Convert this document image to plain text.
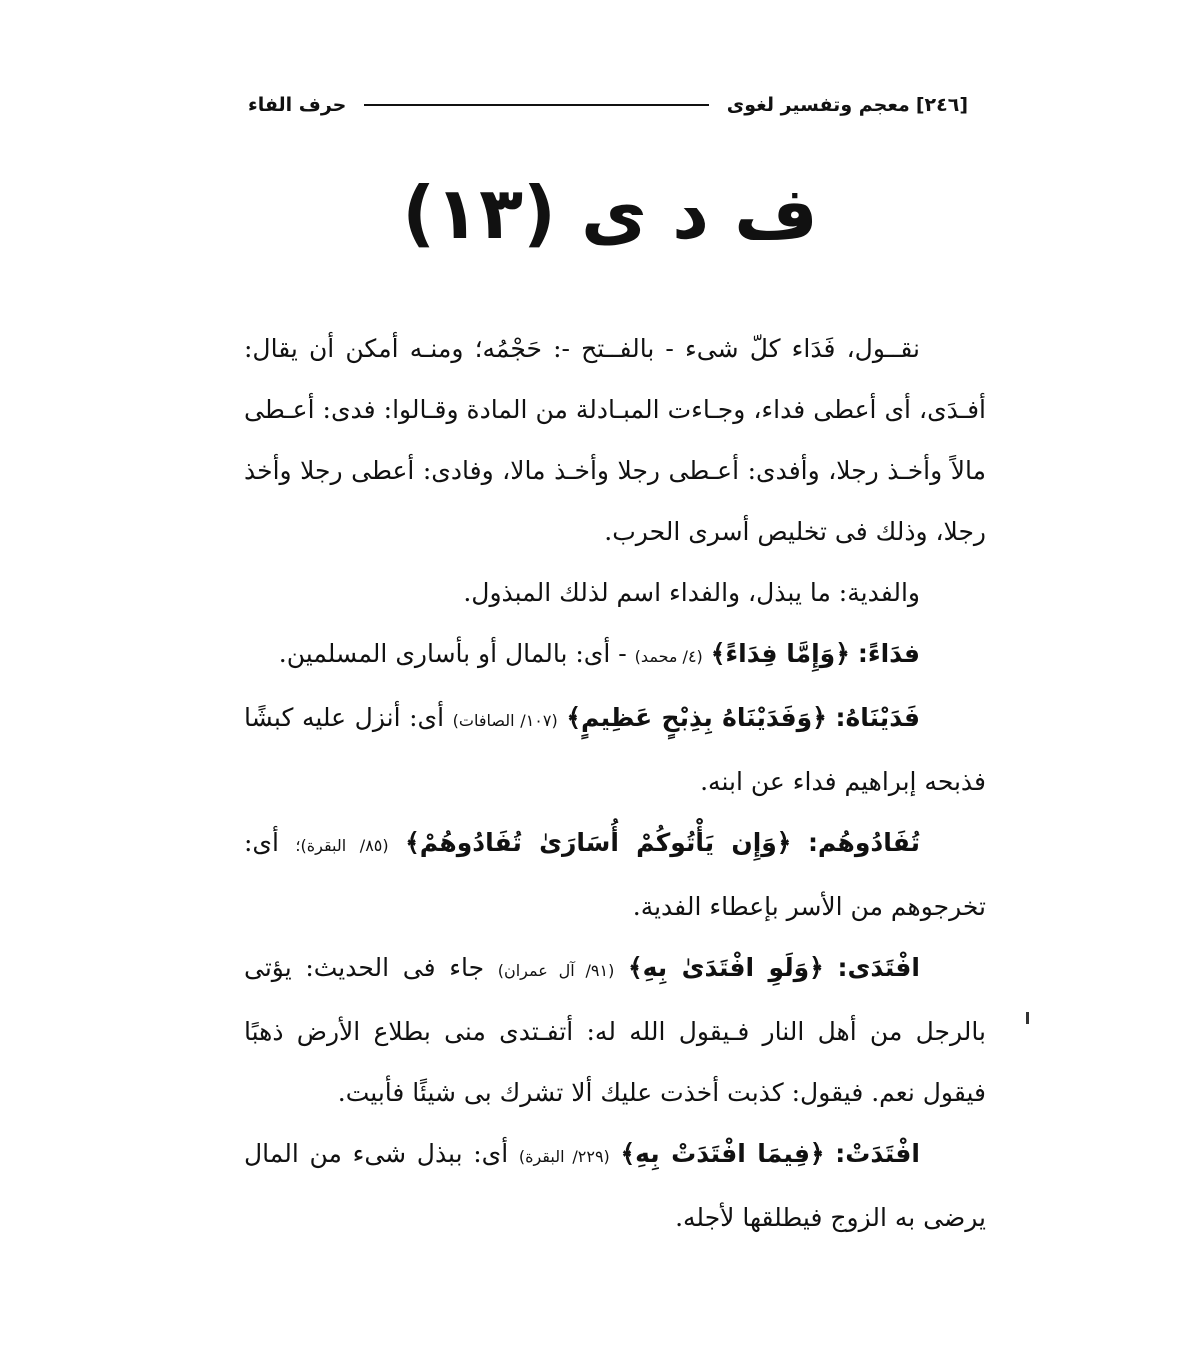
[٢٤٦]
معجم وتفسير لغوى
حرف الفاء
ف د ى (١٣)

نقــول، فَدَاء كلّ شىء - بالفــتح -: حَجْمُه؛ ومنـه أمكن أن يقال: أفـدَى، أى أعطى فداء، وجـاءت المبـادلة من المادة وقـالوا: فدى: أعـطى مالاً وأخـذ رجلا، وأفدى: أعـطى رجلا وأخـذ مالا، وفادى: أعطى رجلا وأخذ رجلا، وذلك فى تخليص أسرى الحرب.

والفدية: ما يبذل، والفداء اسم لذلك المبذول.

فدَاءً: ﴿وَإِمَّا فِدَاءً﴾ (٤/ محمد) - أى: بالمال أو بأسارى المسلمين.

فَدَيْنَاهُ: ﴿وَفَدَيْنَاهُ بِذِبْحٍ عَظِيمٍ﴾ (١٠٧/ الصافات) أى: أنزل عليه كبشًا فذبحه إبراهيم فداء عن ابنه.

تُفَادُوهُم: ﴿وَإِن يَأْتُوكُمْ أُسَارَىٰ تُفَادُوهُمْ﴾ (٨٥/ البقرة)؛ أى: تخرجوهم من الأسر بإعطاء الفدية.

افْتَدَى: ﴿وَلَوِ افْتَدَىٰ بِهِ﴾ (٩١/ آل عمران) جاء فى الحديث: يؤتى بالرجل من أهل النار فـيقول الله له: أتفـتدى منى بطلاع الأرض ذهبًا فيقول نعم. فيقول: كذبت أخذت عليك ألا تشرك بى شيئًا فأبيت.

افْتَدَتْ: ﴿فِيمَا افْتَدَتْ بِهِ﴾ (٢٢٩/ البقرة) أى: ببذل شىء من المال يرضى به الزوج فيطلقها لأجله.
